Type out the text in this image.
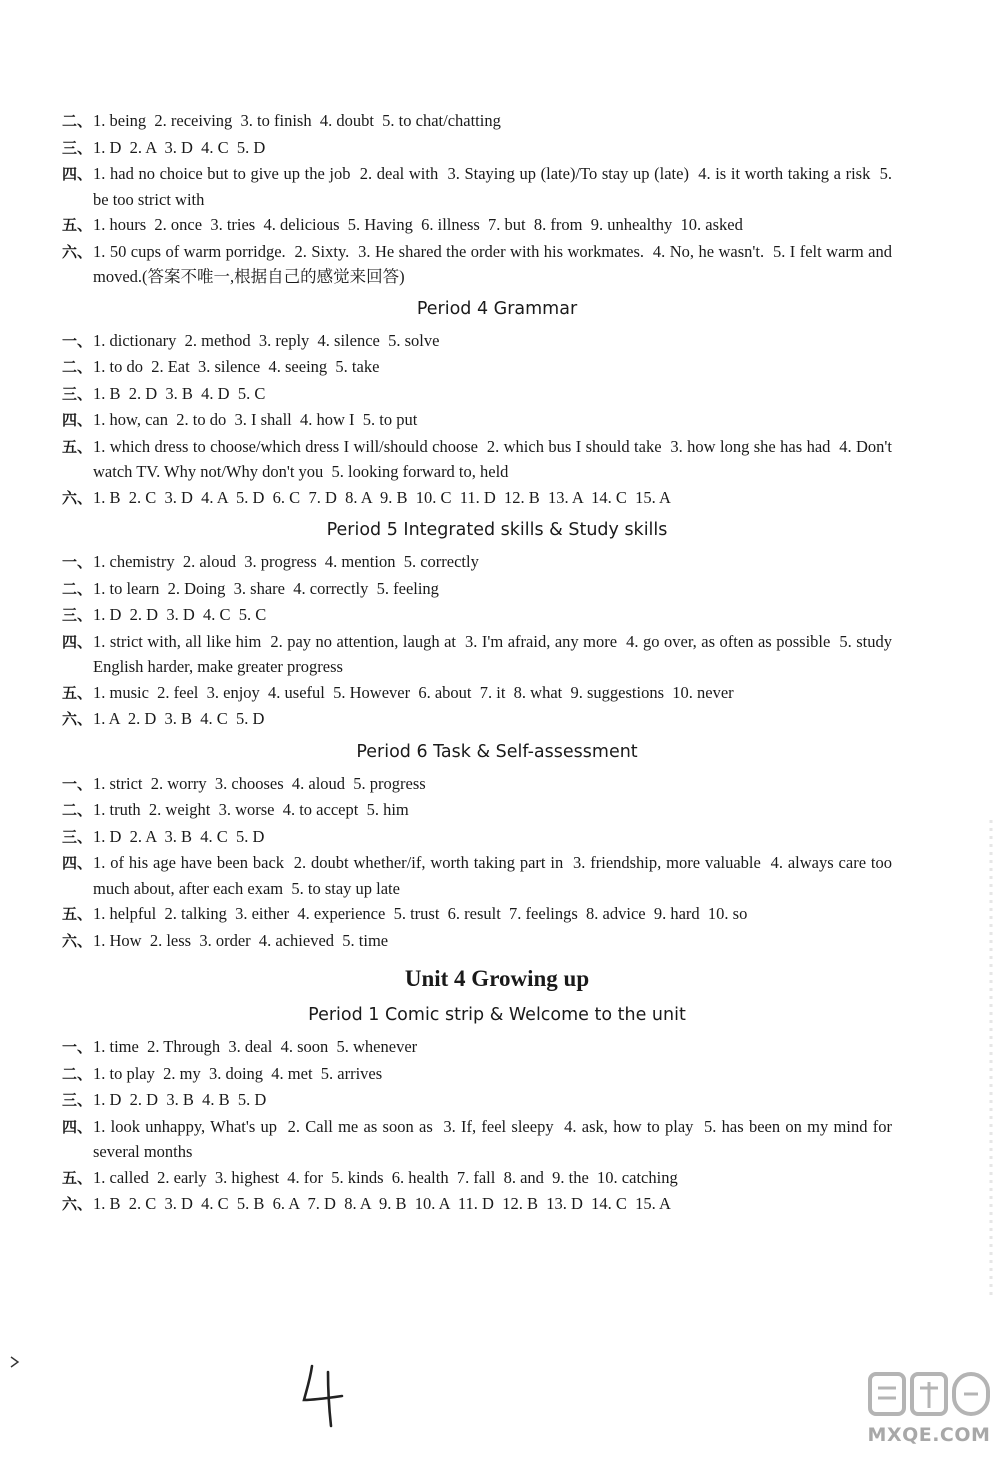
二、 1. being  2. receiving  3. to finish  4. doubt  5. to chat/chatting
三、 1. D  2. A  3. D  4. C  5. D
四、 1. had no choice but to give up the job  2. deal with  3. Staying up (late)/To stay up (late)  4. is it worth taking a risk  5. be too strict with
五、 1. hours  2. once  3. tries  4. delicious  5. Having  6. illness  7. but  8. from  9. unhealthy  10. asked
六、 1. 50 cups of warm porridge.  2. Sixty.  3. He shared the order with his workmates.  4. No, he wasn't.  5. I felt warm and moved.(答案不唯一,根据自己的感觉来回答)
Period 4 Grammar
一、 1. dictionary  2. method  3. reply  4. silence  5. solve
二、 1. to do  2. Eat  3. silence  4. seeing  5. take
三、 1. B  2. D  3. B  4. D  5. C
四、 1. how, can  2. to do  3. I shall  4. how I  5. to put
五、 1. which dress to choose/which dress I will/should choose  2. which bus I should take  3. how long she has had  4. Don't watch TV. Why not/Why don't you  5. looking forward to, held
六、 1. B  2. C  3. D  4. A  5. D  6. C  7. D  8. A  9. B  10. C  11. D  12. B  13. A  14. C  15. A
Period 5 Integrated skills & Study skills
一、 1. chemistry  2. aloud  3. progress  4. mention  5. correctly
二、 1. to learn  2. Doing  3. share  4. correctly  5. feeling
三、 1. D  2. D  3. D  4. C  5. C
四、 1. strict with, all like him  2. pay no attention, laugh at  3. I'm afraid, any more  4. go over, as often as possible  5. study English harder, make greater progress
五、 1. music  2. feel  3. enjoy  4. useful  5. However  6. about  7. it  8. what  9. suggestions  10. never
六、 1. A  2. D  3. B  4. C  5. D
Period 6 Task & Self-assessment
一、 1. strict  2. worry  3. chooses  4. aloud  5. progress
二、 1. truth  2. weight  3. worse  4. to accept  5. him
三、 1. D  2. A  3. B  4. C  5. D
四、 1. of his age have been back  2. doubt whether/if, worth taking part in  3. friendship, more valuable  4. always care too much about, after each exam  5. to stay up late
五、 1. helpful  2. talking  3. either  4. experience  5. trust  6. result  7. feelings  8. advice  9. hard  10. so
六、 1. How  2. less  3. order  4. achieved  5. time
Unit 4 Growing up
Period 1 Comic strip & Welcome to the unit
一、 1. time  2. Through  3. deal  4. soon  5. whenever
二、 1. to play  2. my  3. doing  4. met  5. arrives
三、 1. D  2. D  3. B  4. B  5. D
四、 1. look unhappy, What's up  2. Call me as soon as  3. If, feel sleepy  4. ask, how to play  5. has been on my mind for several months
五、 1. called  2. early  3. highest  4. for  5. kinds  6. health  7. fall  8. and  9. the  10. catching
六、 1. B  2. C  3. D  4. C  5. B  6. A  7. D  8. A  9. B  10. A  11. D  12. B  13. D  14. C  15. A
MXQE.COM
